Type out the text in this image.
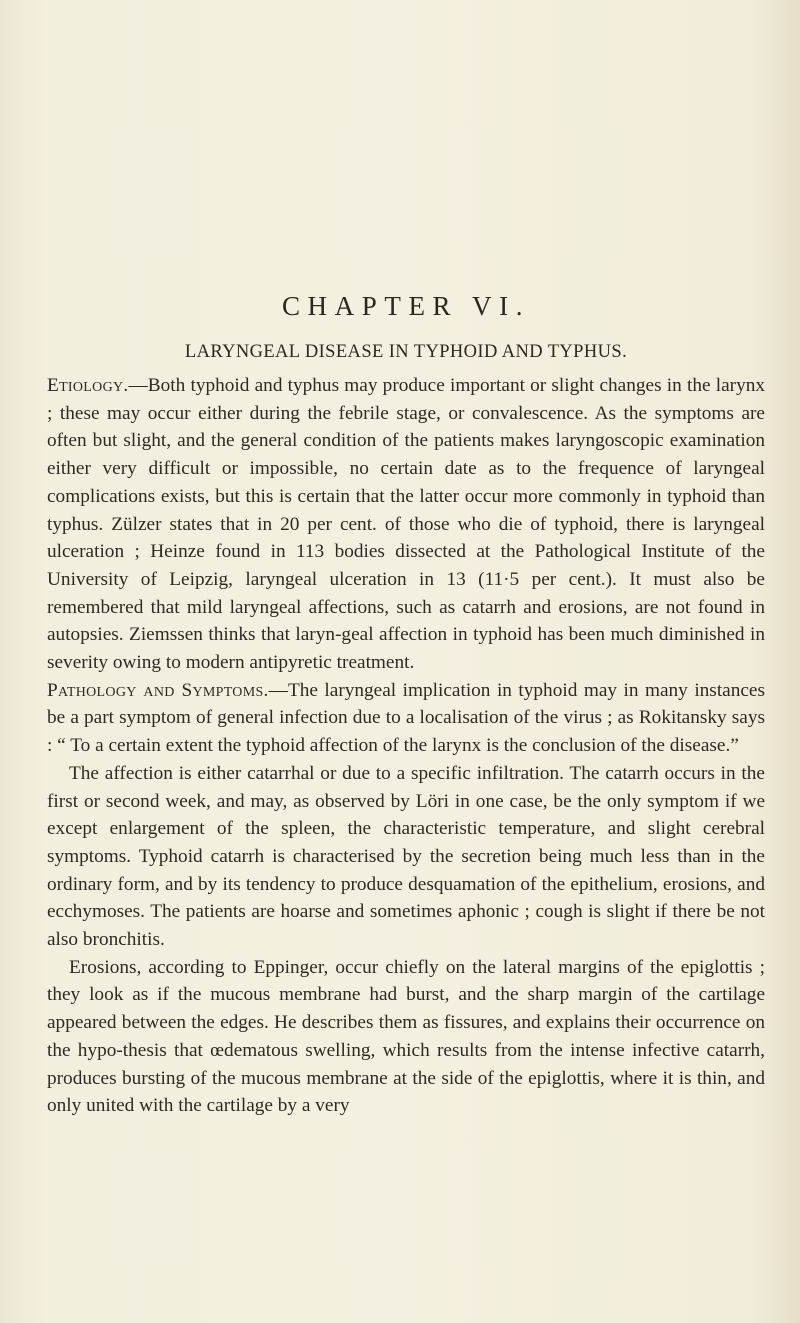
CHAPTER VI.
LARYNGEAL DISEASE IN TYPHOID AND TYPHUS.

Etiology.—Both typhoid and typhus may produce important or slight changes in the larynx ; these may occur either during the febrile stage, or convalescence. As the symptoms are often but slight, and the general condition of the patients makes laryngoscopic examination either very difficult or impossible, no certain date as to the frequence of laryngeal complications exists, but this is certain that the latter occur more commonly in typhoid than typhus. Zülzer states that in 20 per cent. of those who die of typhoid, there is laryngeal ulceration ; Heinze found in 113 bodies dissected at the Pathological Institute of the University of Leipzig, laryngeal ulceration in 13 (11·5 per cent.). It must also be remembered that mild laryngeal affections, such as catarrh and erosions, are not found in autopsies. Ziemssen thinks that laryn-geal affection in typhoid has been much diminished in severity owing to modern antipyretic treatment.

Pathology and Symptoms.—The laryngeal implication in typhoid may in many instances be a part symptom of general infection due to a localisation of the virus ; as Rokitansky says : “ To a certain extent the typhoid affection of the larynx is the conclusion of the disease.”

The affection is either catarrhal or due to a specific infiltration. The catarrh occurs in the first or second week, and may, as observed by Löri in one case, be the only symptom if we except enlargement of the spleen, the characteristic temperature, and slight cerebral symptoms. Typhoid catarrh is characterised by the secretion being much less than in the ordinary form, and by its tendency to produce desquamation of the epithelium, erosions, and ecchymoses. The patients are hoarse and sometimes aphonic ; cough is slight if there be not also bronchitis.

Erosions, according to Eppinger, occur chiefly on the lateral margins of the epiglottis ; they look as if the mucous membrane had burst, and the sharp margin of the cartilage appeared between the edges. He describes them as fissures, and explains their occurrence on the hypo-thesis that œdematous swelling, which results from the intense infective catarrh, produces bursting of the mucous membrane at the side of the epiglottis, where it is thin, and only united with the cartilage by a very
